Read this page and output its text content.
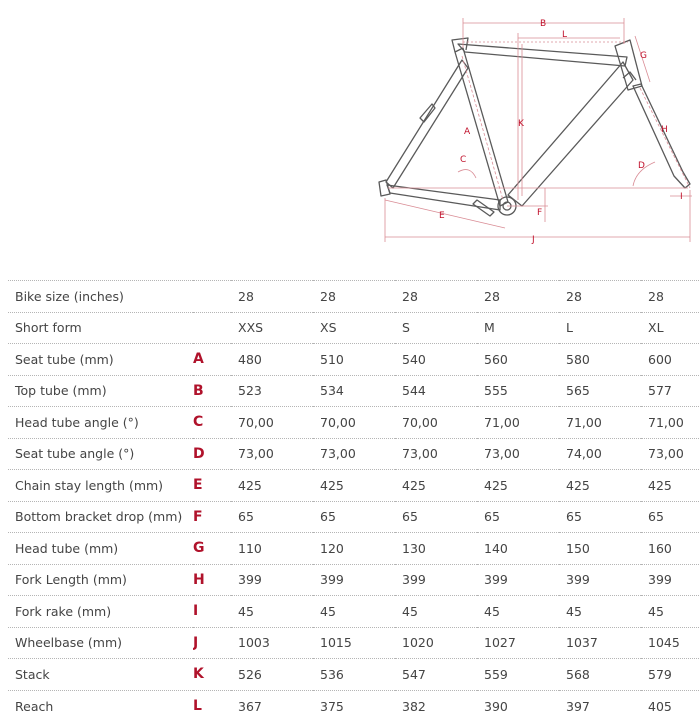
B
L
G
K
A	H
C
D
I
F
E
J
Bike size (inches)		28	28	28	28	28	28
Short form		XXS	XS	S	M	L	XL
Seat tube (mm)	A	480	510	540	560	580	600
Top tube (mm)	B	523	534	544	555	565	577
Head tube angle (°)	C	70,00	70,00	70,00	71,00	71,00	71,00
Seat tube angle (°)	D	73,00	73,00	73,00	73,00	74,00	73,00
Chain stay length (mm)	E	425	425	425	425	425	425
Bottom bracket drop (mm)	F	65	65	65	65	65	65
Head tube (mm)	G	110	120	130	140	150	160
Fork Length (mm)	H	399	399	399	399	399	399
Fork rake (mm)	I	45	45	45	45	45	45
Wheelbase (mm)	J	1003	1015	1020	1027	1037	1045
Stack	K	526	536	547	559	568	579
Reach	L	367	375	382	390	397	405
